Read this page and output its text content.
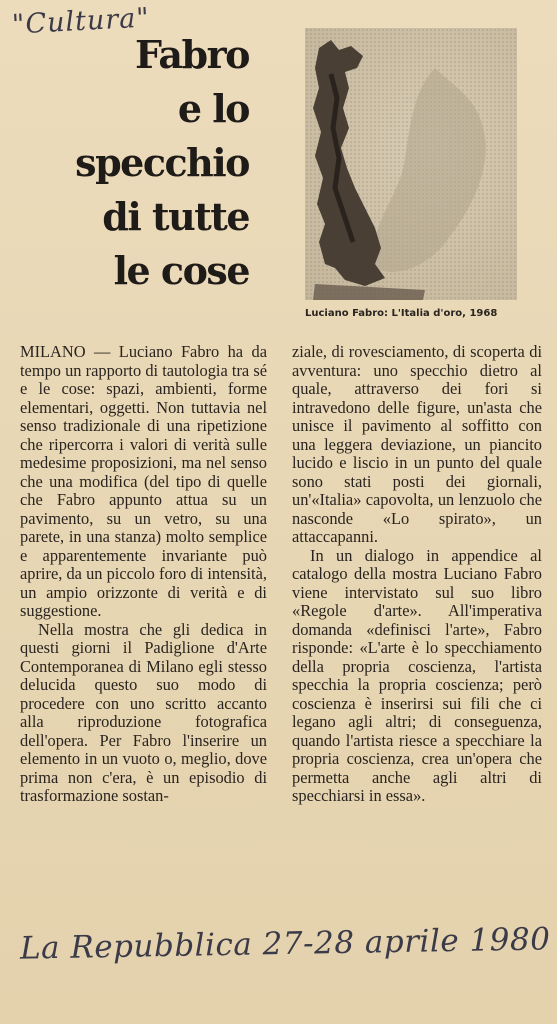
"Cultura"
Fabro
e lo
specchio
di tutte
le cose
Luciano Fabro: L'Italia d'oro, 1968

MILANO — Luciano Fabro ha da tempo un rapporto di tautologia tra sé e le cose: spazi, ambienti, forme elementari, oggetti. Non tuttavia nel senso tradizionale di una ripetizione che ripercorra i valori di verità sulle medesime proposizioni, ma nel senso che una modifica (del tipo di quelle che Fabro appunto attua su un pavimento, su un vetro, su una parete, in una stanza) molto semplice e apparentemente invariante può aprire, da un piccolo foro di intensità, un ampio orizzonte di verità e di suggestione.

Nella mostra che gli dedica in questi giorni il Padiglione d'Arte Contemporanea di Milano egli stesso delucida questo suo modo di procedere con uno scritto accanto alla riproduzione fotografica dell'opera. Per Fabro l'inserire un elemento in un vuoto o, meglio, dove prima non c'era, è un episodio di trasformazione sostan-

ziale, di rovesciamento, di scoperta di avventura: uno specchio dietro al quale, attraverso dei fori si intravedono delle figure, un'asta che unisce il pavimento al soffitto con una leggera deviazione, un piancito lucido e liscio in un punto del quale sono stati posti dei giornali, un'«Italia» capovolta, un lenzuolo che nasconde «Lo spirato», un attaccapanni.

In un dialogo in appendice al catalogo della mostra Luciano Fabro viene intervistato sul suo libro «Regole d'arte». All'imperativa domanda «definisci l'arte», Fabro risponde: «L'arte è lo specchiamento della propria coscienza, l'artista specchia la propria coscienza; però coscienza è inserirsi sui fili che ci legano agli altri; di conseguenza, quando l'artista riesce a specchiare la propria coscienza, crea un'opera che permetta anche agli altri di specchiarsi in essa».

La Repubblica 27-28 aprile 1980
